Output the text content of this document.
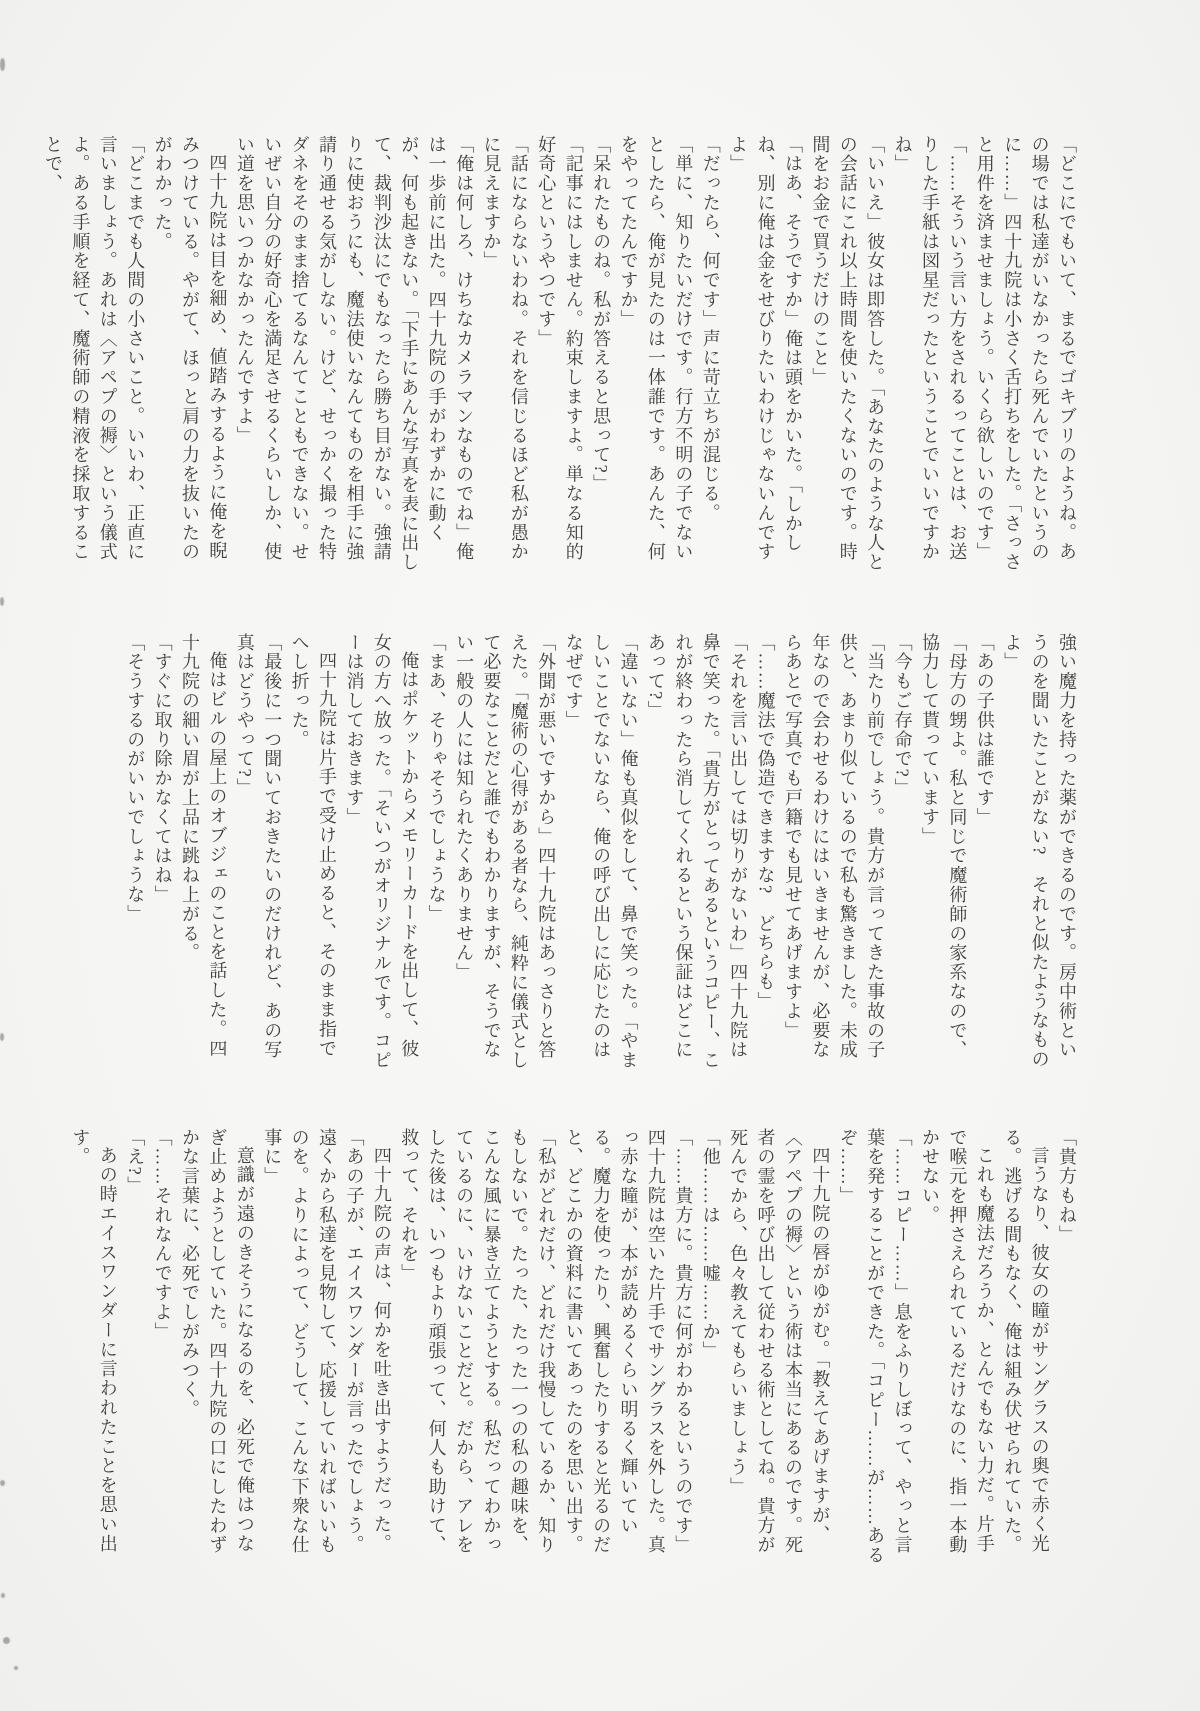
「どこにでもいて、まるでゴキブリのようね。あの場では私達がいなかったら死んでいたというのに……」四十九院は小さく舌打ちをした。「さっさと用件を済ませましょう。いくら欲しいのです」

「……そういう言い方をされるってことは、お送りした手紙は図星だったということでいいですかね」

「いいえ」彼女は即答した。「あなたのような人との会話にこれ以上時間を使いたくないのです。時間をお金で買うだけのこと」

「はあ、そうですか」俺は頭をかいた。「しかしね、別に俺は金をせびりたいわけじゃないんですよ」

「だったら、何です」声に苛立ちが混じる。

「単に、知りたいだけです。行方不明の子でないとしたら、俺が見たのは一体誰です。あんた、何をやってたんですか」

「呆れたものね。私が答えると思って?」

「記事にはしません。約束しますよ。単なる知的好奇心というやつです」

「話にならないわね。それを信じるほど私が愚かに見えますか」

「俺は何しろ、けちなカメラマンなものでね」俺は一歩前に出た。四十九院の手がわずかに動くが、何も起きない。「下手にあんな写真を表に出して、裁判沙汰にでもなったら勝ち目がない。強請りに使おうにも、魔法使いなんてものを相手に強請り通せる気がしない。けど、せっかく撮った特ダネをそのまま捨てるなんてこともできない。せいぜい自分の好奇心を満足させるくらいしか、使い道を思いつかなかったんですよ」

四十九院は目を細め、値踏みするように俺を睨みつけている。やがて、ほっと肩の力を抜いたのがわかった。

「どこまでも人間の小さいこと。いいわ、正直に言いましょう。あれは〈アペプの褥〉という儀式よ。ある手順を経て、魔術師の精液を採取することで、

強い魔力を持った薬ができるのです。房中術というのを聞いたことがない?　それと似たようなものよ」

「あの子供は誰です」

「母方の甥よ。私と同じで魔術師の家系なので、協力して貰っています」

「今もご存命で?」

「当たり前でしょう。貴方が言ってきた事故の子供と、あまり似ているので私も驚きました。未成年なので会わせるわけにはいきませんが、必要ならあとで写真でも戸籍でも見せてあげますよ」

「……魔法で偽造できますな?　どちらも」

「それを言い出しては切りがないわ」四十九院は鼻で笑った。「貴方がとってあるというコピー、これが終わったら消してくれるという保証はどこにあって?」

「違いない」俺も真似をして、鼻で笑った。「やましいことでないなら、俺の呼び出しに応じたのはなぜです」

「外聞が悪いですから」四十九院はあっさりと答えた。「魔術の心得がある者なら、純粋に儀式として必要なことだと誰でもわかりますが、そうでない一般の人には知られたくありません」

「まあ、そりゃそうでしょうな」

俺はポケットからメモリーカードを出して、彼女の方へ放った。「そいつがオリジナルです。コピーは消しておきます」

四十九院は片手で受け止めると、そのまま指でへし折った。

「最後に一つ聞いておきたいのだけれど、あの写真はどうやって?」

俺はビルの屋上のオブジェのことを話した。四十九院の細い眉が上品に跳ね上がる。

「すぐに取り除かなくてはね」

「そうするのがいいでしょうな」

「貴方もね」

言うなり、彼女の瞳がサングラスの奥で赤く光る。逃げる間もなく、俺は組み伏せられていた。

これも魔法だろうか、とんでもない力だ。片手で喉元を押さえられているだけなのに、指一本動かせない。

「……コピー……」息をふりしぼって、やっと言葉を発することができた。「コピー……が……あるぞ……」

四十九院の唇がゆがむ。「教えてあげますが、〈アペプの褥〉という術は本当にあるのです。死者の霊を呼び出して従わせる術としてね。貴方が死んでから、色々教えてもらいましょう」

「他……は……嘘……か」

「……貴方に。貴方に何がわかるというのです」四十九院は空いた片手でサングラスを外した。真っ赤な瞳が、本が読めるくらい明るく輝いている。魔力を使ったり、興奮したりすると光るのだと、どこかの資料に書いてあったのを思い出す。

「私がどれだけ、どれだけ我慢しているか、知りもしないで。たった、たった一つの私の趣味を、こんな風に暴き立てようとする。私だってわかっているのに、いけないことだと。だから、アレをした後は、いつもより頑張って、何人も助けて、救って、それを」

四十九院の声は、何かを吐き出すようだった。「あの子が、エイスワンダーが言ったでしょう。遠くから私達を見物して、応援していればいいものを。よりによって、どうして、こんな下衆な仕事に」

意識が遠のきそうになるのを、必死で俺はつなぎ止めようとしていた。四十九院の口にしたわずかな言葉に、必死でしがみつく。

「……それなんですよ」

「え?」

あの時エイスワンダーに言われたことを思い出す。
